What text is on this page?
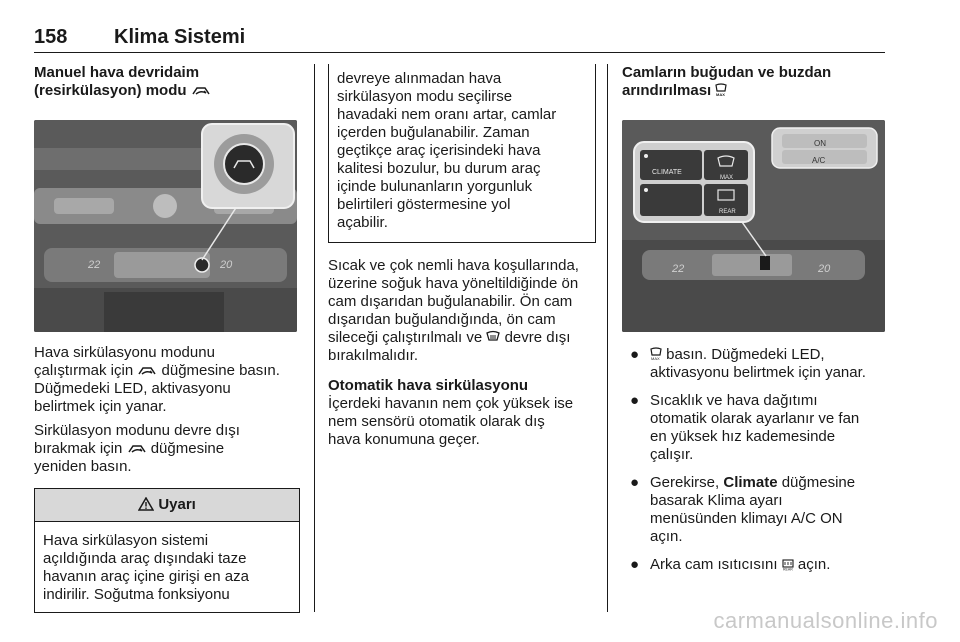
158 Klima Sistemi
Manuel hava devridaim
(resirkülasyon) modu
22	20
Hava sirkülasyonu modunu
çalıştırmak için düğmesine basın.
Düğmedeki LED, aktivasyonu
belirtmek için yanar.
Sirkülasyon modunu devre dışı
bırakmak için düğmesine
yeniden basın.
Uyarı
Hava sirkülasyon sistemi
açıldığında araç dışındaki taze
havanın araç içine girişi en aza
indirilir. Soğutma fonksiyonu
devreye alınmadan hava
sirkülasyon modu seçilirse
havadaki nem oranı artar, camlar
içerden buğulanabilir. Zaman
geçtikçe araç içerisindeki hava
kalitesi bozulur, bu durum araç
içinde bulunanların yorgunluk
belirtileri göstermesine yol
açabilir.
Sıcak ve çok nemli hava koşullarında,
üzerine soğuk hava yöneltildiğinde ön
cam dışarıdan buğulanabilir. Ön cam
dışarıdan buğulandığında, ön cam
sileceği çalıştırılmalı ve devre dışı
bırakılmalıdır.
Otomatik hava sirkülasyonu
İçerdeki havanın nem çok yüksek ise
nem sensörü otomatik olarak dış
hava konumuna geçer.
Camların buğudan ve buzdan
arındırılması MAX
ON
A/C
CLIMATE
MAX
REAR
22	20
●	MAX basın. Düğmedeki LED,
aktivasyonu belirtmek için yanar.
● Sıcaklık ve hava dağıtımı
otomatik olarak ayarlanır ve fan
en yüksek hız kademesinde
çalışır.
● Gerekirse, Climate düğmesine
basarak Klima ayarı
menüsünden klimayı A/C ON
açın.
● Arka cam ısıtıcısını REAR açın.
carmanualsonline.info
